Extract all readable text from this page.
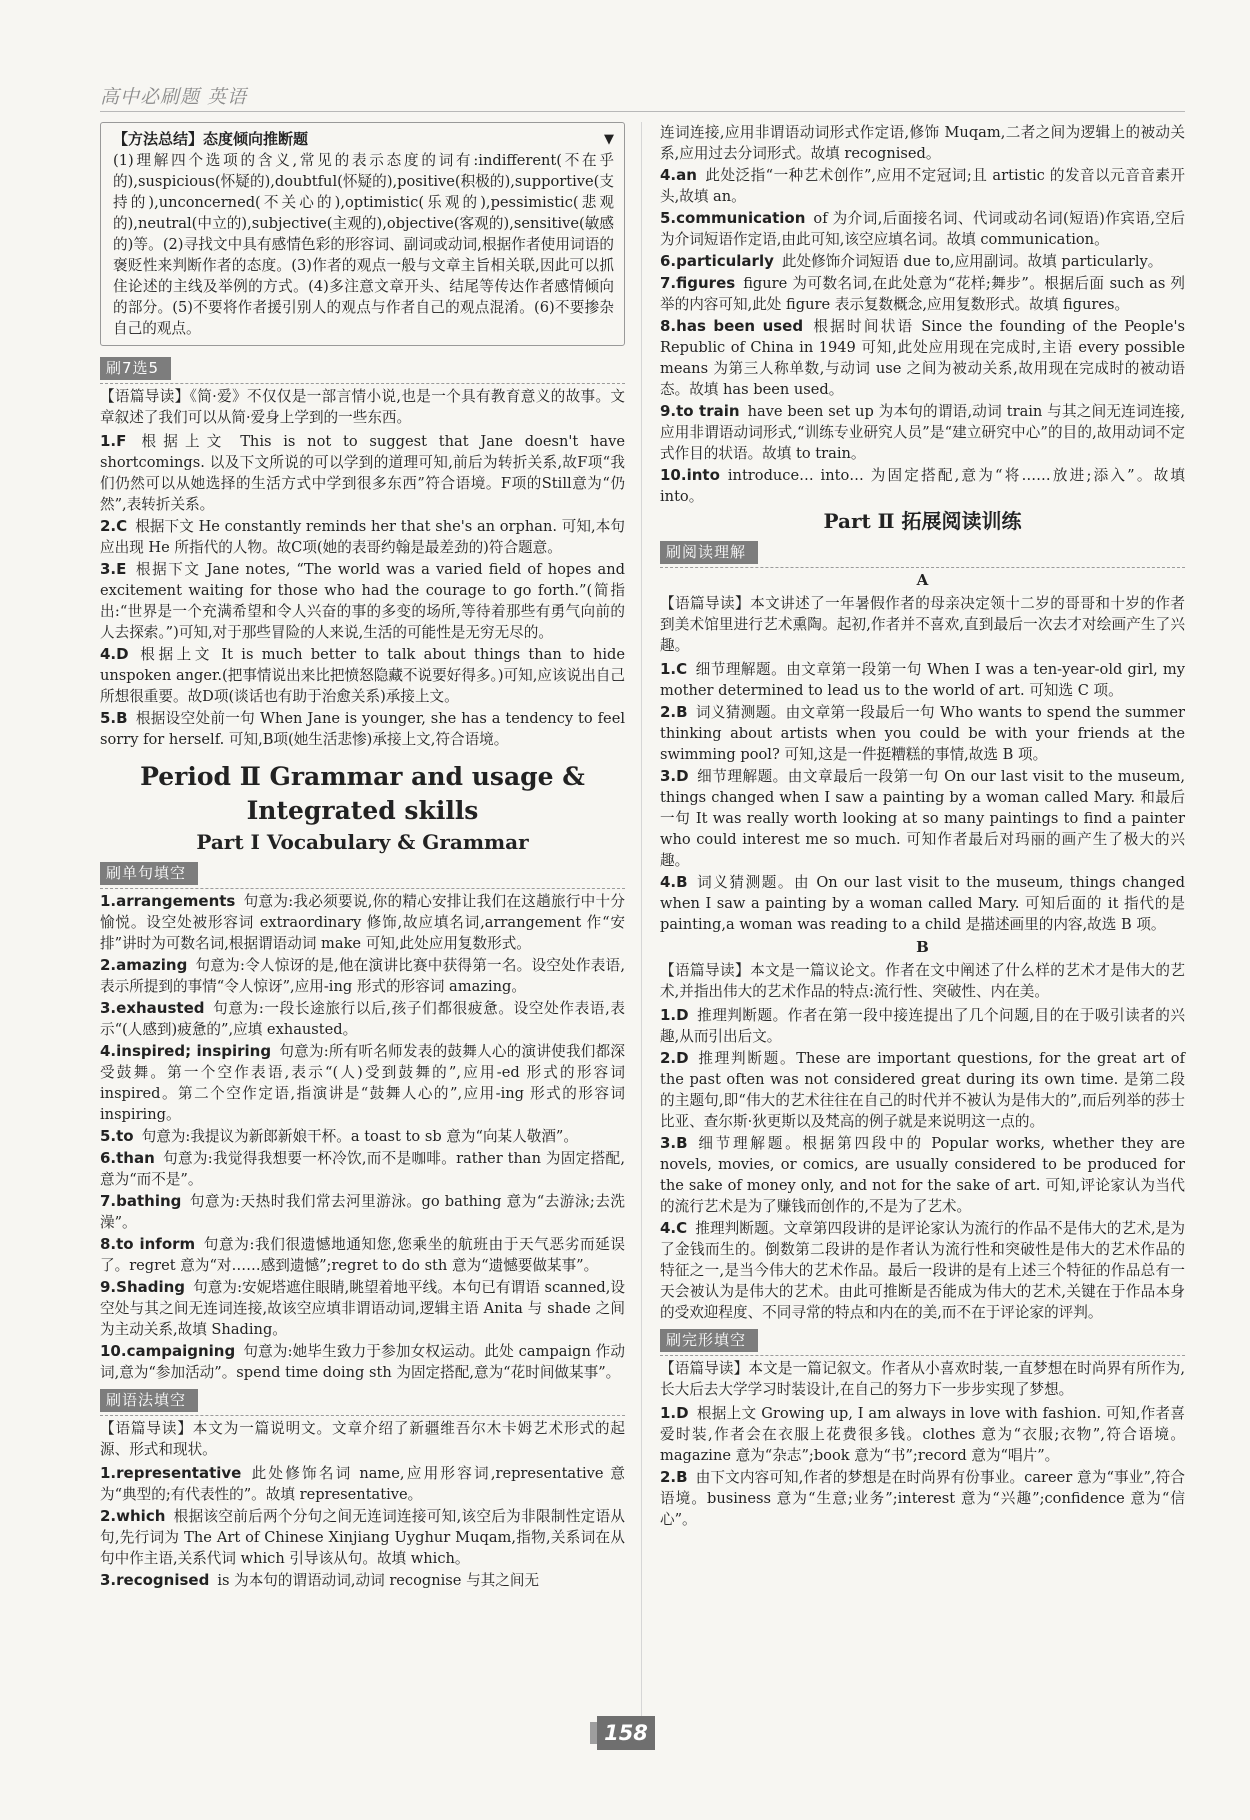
高中必刷题 英语
【方法总结】态度倾向推断题	▼

(1)理解四个选项的含义,常见的表示态度的词有:indifferent(不在乎的),suspicious(怀疑的),doubtful(怀疑的),positive(积极的),supportive(支持的),unconcerned(不关心的),optimistic(乐观的),pessimistic(悲观的),neutral(中立的),subjective(主观的),objective(客观的),sensitive(敏感的)等。(2)寻找文中具有感情色彩的形容词、副词或动词,根据作者使用词语的褒贬性来判断作者的态度。(3)作者的观点一般与文章主旨相关联,因此可以抓住论述的主线及举例的方式。(4)多注意文章开头、结尾等传达作者感情倾向的部分。(5)不要将作者援引别人的观点与作者自己的观点混淆。(6)不要掺杂自己的观点。

刷7选5

【语篇导读】《简·爱》不仅仅是一部言情小说,也是一个具有教育意义的故事。文章叙述了我们可以从简·爱身上学到的一些东西。

1.F 根据上文 This is not to suggest that Jane doesn't have shortcomings. 以及下文所说的可以学到的道理可知,前后为转折关系,故F项“我们仍然可以从她选择的生活方式中学到很多东西”符合语境。F项的Still意为“仍然”,表转折关系。

2.C 根据下文 He constantly reminds her that she's an orphan. 可知,本句应出现 He 所指代的人物。故C项(她的表哥约翰是最差劲的)符合题意。

3.E 根据下文 Jane notes, “The world was a varied field of hopes and excitement waiting for those who had the courage to go forth.”(简指出:“世界是一个充满希望和令人兴奋的事的多变的场所,等待着那些有勇气向前的人去探索。”)可知,对于那些冒险的人来说,生活的可能性是无穷无尽的。

4.D 根据上文 It is much better to talk about things than to hide unspoken anger.(把事情说出来比把愤怒隐藏不说要好得多。)可知,应该说出自己所想很重要。故D项(谈话也有助于治愈关系)承接上文。

5.B 根据设空处前一句 When Jane is younger, she has a tendency to feel sorry for herself. 可知,B项(她生活悲惨)承接上文,符合语境。

Period Ⅱ Grammar and usage &
Integrated skills
Part Ⅰ Vocabulary & Grammar
刷单句填空

1.arrangements 句意为:我必须要说,你的精心安排让我们在这趟旅行中十分愉悦。设空处被形容词 extraordinary 修饰,故应填名词,arrangement 作“安排”讲时为可数名词,根据谓语动词 make 可知,此处应用复数形式。

2.amazing 句意为:令人惊讶的是,他在演讲比赛中获得第一名。设空处作表语,表示所提到的事情“令人惊讶”,应用-ing 形式的形容词 amazing。

3.exhausted 句意为:一段长途旅行以后,孩子们都很疲惫。设空处作表语,表示“(人感到)疲惫的”,应填 exhausted。

4.inspired; inspiring 句意为:所有听名师发表的鼓舞人心的演讲使我们都深受鼓舞。第一个空作表语,表示“(人)受到鼓舞的”,应用-ed 形式的形容词 inspired。第二个空作定语,指演讲是“鼓舞人心的”,应用-ing 形式的形容词 inspiring。

5.to 句意为:我提议为新郎新娘干杯。a toast to sb 意为“向某人敬酒”。

6.than 句意为:我觉得我想要一杯冷饮,而不是咖啡。rather than 为固定搭配,意为“而不是”。

7.bathing 句意为:天热时我们常去河里游泳。go bathing 意为“去游泳;去洗澡”。

8.to inform 句意为:我们很遗憾地通知您,您乘坐的航班由于天气恶劣而延误了。regret 意为“对……感到遗憾”;regret to do sth 意为“遗憾要做某事”。

9.Shading 句意为:安妮塔遮住眼睛,眺望着地平线。本句已有谓语 scanned,设空处与其之间无连词连接,故该空应填非谓语动词,逻辑主语 Anita 与 shade 之间为主动关系,故填 Shading。

10.campaigning 句意为:她毕生致力于参加女权运动。此处 campaign 作动词,意为“参加活动”。spend time doing sth 为固定搭配,意为“花时间做某事”。

刷语法填空

【语篇导读】本文为一篇说明文。文章介绍了新疆维吾尔木卡姆艺术形式的起源、形式和现状。

1.representative 此处修饰名词 name,应用形容词,representative 意为“典型的;有代表性的”。故填 representative。

2.which 根据该空前后两个分句之间无连词连接可知,该空后为非限制性定语从句,先行词为 The Art of Chinese Xinjiang Uyghur Muqam,指物,关系词在从句中作主语,关系代词 which 引导该从句。故填 which。

3.recognised is 为本句的谓语动词,动词 recognise 与其之间无

连词连接,应用非谓语动词形式作定语,修饰 Muqam,二者之间为逻辑上的被动关系,应用过去分词形式。故填 recognised。

4.an 此处泛指“一种艺术创作”,应用不定冠词;且 artistic 的发音以元音音素开头,故填 an。

5.communication of 为介词,后面接名词、代词或动名词(短语)作宾语,空后为介词短语作定语,由此可知,该空应填名词。故填 communication。

6.particularly 此处修饰介词短语 due to,应用副词。故填 particularly。

7.figures figure 为可数名词,在此处意为“花样;舞步”。根据后面 such as 列举的内容可知,此处 figure 表示复数概念,应用复数形式。故填 figures。

8.has been used 根据时间状语 Since the founding of the People's Republic of China in 1949 可知,此处应用现在完成时,主语 every possible means 为第三人称单数,与动词 use 之间为被动关系,故用现在完成时的被动语态。故填 has been used。

9.to train have been set up 为本句的谓语,动词 train 与其之间无连词连接,应用非谓语动词形式,“训练专业研究人员”是“建立研究中心”的目的,故用动词不定式作目的状语。故填 to train。

10.into introduce… into… 为固定搭配,意为“将……放进;添入”。故填 into。

Part Ⅱ 拓展阅读训练
刷阅读理解
A

【语篇导读】本文讲述了一年暑假作者的母亲决定领十二岁的哥哥和十岁的作者到美术馆里进行艺术熏陶。起初,作者并不喜欢,直到最后一次去才对绘画产生了兴趣。

1.C 细节理解题。由文章第一段第一句 When I was a ten-year-old girl, my mother determined to lead us to the world of art. 可知选 C 项。

2.B 词义猜测题。由文章第一段最后一句 Who wants to spend the summer thinking about artists when you could be with your friends at the swimming pool? 可知,这是一件挺糟糕的事情,故选 B 项。

3.D 细节理解题。由文章最后一段第一句 On our last visit to the museum, things changed when I saw a painting by a woman called Mary. 和最后一句 It was really worth looking at so many paintings to find a painter who could interest me so much. 可知作者最后对玛丽的画产生了极大的兴趣。

4.B 词义猜测题。由 On our last visit to the museum, things changed when I saw a painting by a woman called Mary. 可知后面的 it 指代的是 painting,a woman was reading to a child 是描述画里的内容,故选 B 项。

B

【语篇导读】本文是一篇议论文。作者在文中阐述了什么样的艺术才是伟大的艺术,并指出伟大的艺术作品的特点:流行性、突破性、内在美。

1.D 推理判断题。作者在第一段中接连提出了几个问题,目的在于吸引读者的兴趣,从而引出后文。

2.D 推理判断题。These are important questions, for the great art of the past often was not considered great during its own time. 是第二段的主题句,即“伟大的艺术往往在自己的时代并不被认为是伟大的”,而后列举的莎士比亚、查尔斯·狄更斯以及梵高的例子就是来说明这一点的。

3.B 细节理解题。根据第四段中的 Popular works, whether they are novels, movies, or comics, are usually considered to be produced for the sake of money only, and not for the sake of art. 可知,评论家认为当代的流行艺术是为了赚钱而创作的,不是为了艺术。

4.C 推理判断题。文章第四段讲的是评论家认为流行的作品不是伟大的艺术,是为了金钱而生的。倒数第二段讲的是作者认为流行性和突破性是伟大的艺术作品的特征之一,是当今伟大的艺术作品。最后一段讲的是有上述三个特征的作品总有一天会被认为是伟大的艺术。由此可推断是否能成为伟大的艺术,关键在于作品本身的受欢迎程度、不同寻常的特点和内在的美,而不在于评论家的评判。

刷完形填空

【语篇导读】本文是一篇记叙文。作者从小喜欢时装,一直梦想在时尚界有所作为,长大后去大学学习时装设计,在自己的努力下一步步实现了梦想。

1.D 根据上文 Growing up, I am always in love with fashion. 可知,作者喜爱时装,作者会在衣服上花费很多钱。clothes 意为“衣服;衣物”,符合语境。magazine 意为“杂志”;book 意为“书”;record 意为“唱片”。

2.B 由下文内容可知,作者的梦想是在时尚界有份事业。career 意为“事业”,符合语境。business 意为“生意;业务”;interest 意为“兴趣”;confidence 意为“信心”。

158
